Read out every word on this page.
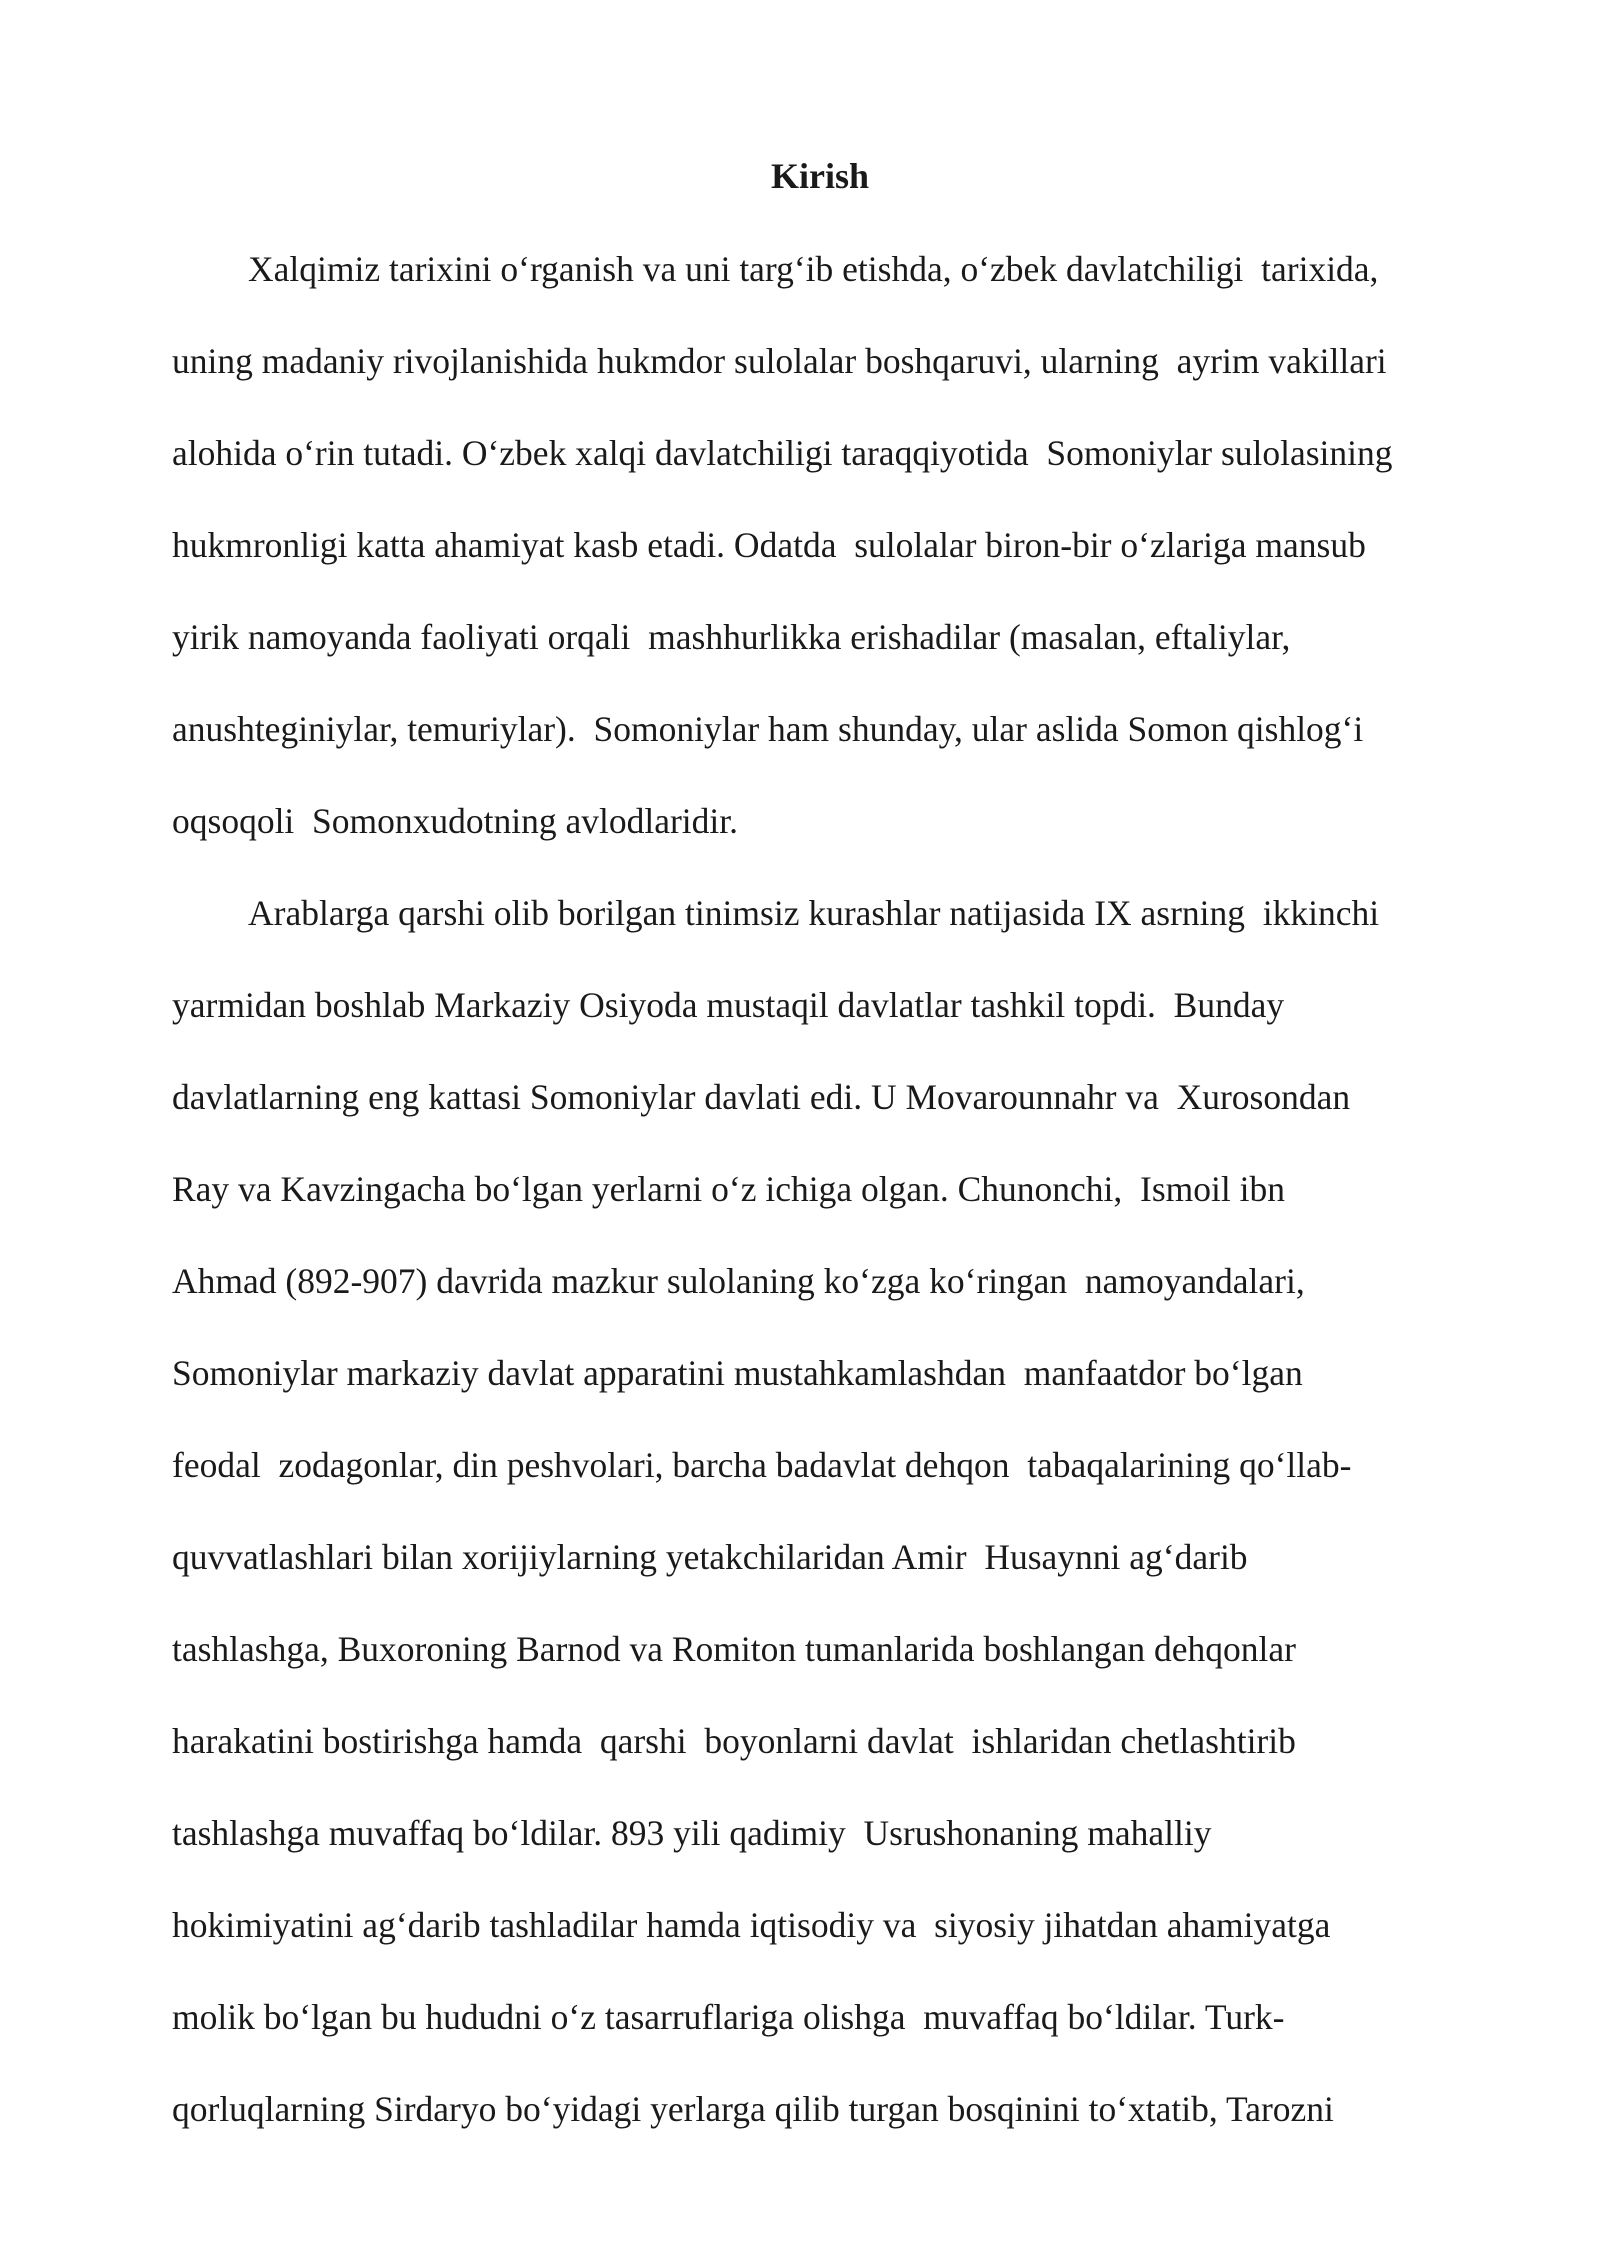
Kirish

Xalqimiz tarixini o‘rganish va uni targ‘ib etishda, o‘zbek davlatchiligi  tarixida,

uning madaniy rivojlanishida hukmdor sulolalar boshqaruvi, ularning  ayrim vakillari

alohida o‘rin tutadi. O‘zbek xalqi davlatchiligi taraqqiyotida  Somoniylar sulolasining

hukmronligi katta ahamiyat kasb etadi. Odatda  sulolalar biron-bir o‘zlariga mansub

yirik namoyanda faoliyati orqali  mashhurlikka erishadilar (masalan, eftaliylar,

anushteginiylar, temuriylar).  Somoniylar ham shunday, ular aslida Somon qishlog‘i

oqsoqoli  Somonxudotning avlodlaridir.

Arablarga qarshi olib borilgan tinimsiz kurashlar natijasida IX asrning  ikkinchi

yarmidan boshlab Markaziy Osiyoda mustaqil davlatlar tashkil topdi.  Bunday

davlatlarning eng kattasi Somoniylar davlati edi. U Movarounnahr va  Xurosondan

Ray va Kavzingacha bo‘lgan yerlarni o‘z ichiga olgan. Chunonchi,  Ismoil ibn

Ahmad (892-907) davrida mazkur sulolaning ko‘zga ko‘ringan  namoyandalari,

Somoniylar markaziy davlat apparatini mustahkamlashdan  manfaatdor bo‘lgan

feodal  zodagonlar, din peshvolari, barcha badavlat dehqon  tabaqalarining qo‘llab-

quvvatlashlari bilan xorijiylarning yetakchilaridan Amir  Husaynni ag‘darib

tashlashga, Buxoroning Barnod va Romiton tumanlarida boshlangan dehqonlar

harakatini bostirishga hamda  qarshi  boyonlarni davlat  ishlaridan chetlashtirib

tashlashga muvaffaq bo‘ldilar. 893 yili qadimiy  Usrushonaning mahalliy

hokimiyatini ag‘darib tashladilar hamda iqtisodiy va  siyosiy jihatdan ahamiyatga

molik bo‘lgan bu hududni o‘z tasarruflariga olishga  muvaffaq bo‘ldilar. Turk-

qorluqlarning Sirdaryo bo‘yidagi yerlarga qilib turgan bosqinini to‘xtatib, Tarozni
